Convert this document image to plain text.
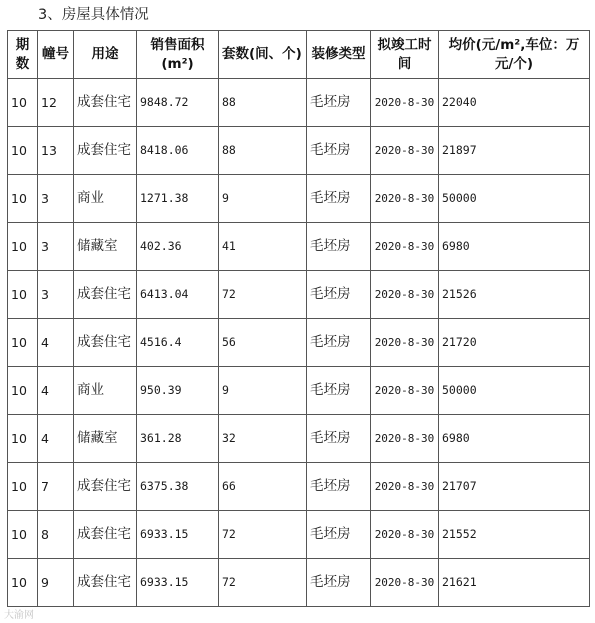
3、房屋具体情况
期数	幢号	用途	销售面积(m²)	套数(间、个)	装修类型	拟竣工时间	均价(元/m²,车位：万元/个)
10	12	成套住宅	9848.72	88	毛坯房	2020-8-30	22040
10	13	成套住宅	8418.06	88	毛坯房	2020-8-30	21897
10	3	商业	1271.38	9	毛坯房	2020-8-30	50000
10	3	储藏室	402.36	41	毛坯房	2020-8-30	6980
10	3	成套住宅	6413.04	72	毛坯房	2020-8-30	21526
10	4	成套住宅	4516.4	56	毛坯房	2020-8-30	21720
10	4	商业	950.39	9	毛坯房	2020-8-30	50000
10	4	储藏室	361.28	32	毛坯房	2020-8-30	6980
10	7	成套住宅	6375.38	66	毛坯房	2020-8-30	21707
10	8	成套住宅	6933.15	72	毛坯房	2020-8-30	21552
10	9	成套住宅	6933.15	72	毛坯房	2020-8-30	21621
大渝网
